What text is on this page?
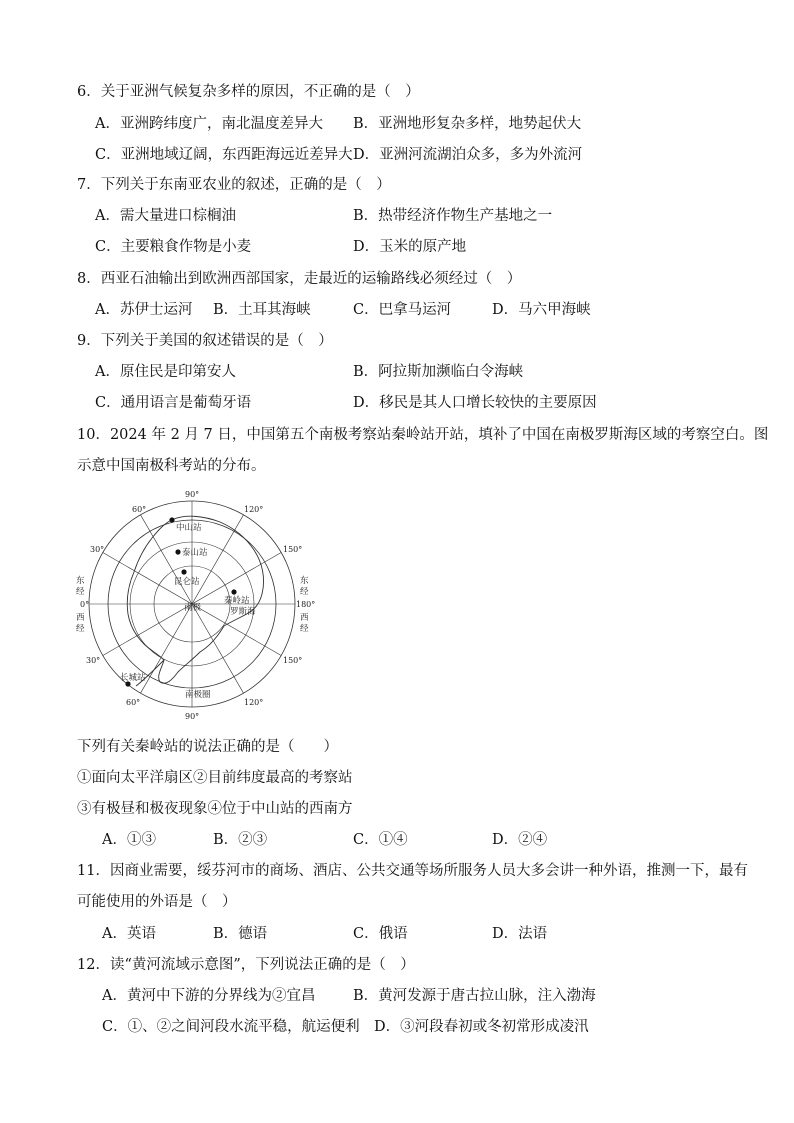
6．关于亚洲气候复杂多样的原因，不正确的是（　）
A．亚洲跨纬度广，南北温度差异大 B．亚洲地形复杂多样，地势起伏大
C．亚洲地域辽阔，东西距海远近差异大 D．亚洲河流湖泊众多，多为外流河
7．下列关于东南亚农业的叙述，正确的是（　）
A．需大量进口棕榈油	B．热带经济作物生产基地之一
C．主要粮食作物是小麦	D．玉米的原产地
8．西亚石油输出到欧洲西部国家，走最近的运输路线必须经过（　）
A．苏伊士运河 B．土耳其海峡	C．巴拿马运河	D．马六甲海峡
9．下列关于美国的叙述错误的是（　）
A．原住民是印第安人	B．阿拉斯加濒临白令海峡
C．通用语言是葡萄牙语	D．移民是其人口增长较快的主要原因
10．2024 年 2 月 7 日，中国第五个南极考察站秦岭站开站，填补了中国在南极罗斯海区域的考察空白。图
示意中国南极科考站的分布。
中山站
泰山站
昆仑站
秦岭站
长城站
南极	罗斯海
南极圈
90°
60°	120°
30°	150°
0°	180°
30°	150°
60°	120°
90°
东
经
西
经
东
经
西
经
下列有关秦岭站的说法正确的是（　　）
①面向太平洋扇区②目前纬度最高的考察站
③有极昼和极夜现象④位于中山站的西南方
A．①③	B．②③	C．①④	D．②④
11．因商业需要，绥芬河市的商场、酒店、公共交通等场所服务人员大多会讲一种外语，推测一下，最有
可能使用的外语是（　）
A．英语	B．德语	C．俄语	D．法语
12．读“黄河流域示意图”，下列说法正确的是（　）
A．黄河中下游的分界线为②宜昌	B．黄河发源于唐古拉山脉，注入渤海
C．①、②之间河段水流平稳，航运便利 D．③河段春初或冬初常形成凌汛
